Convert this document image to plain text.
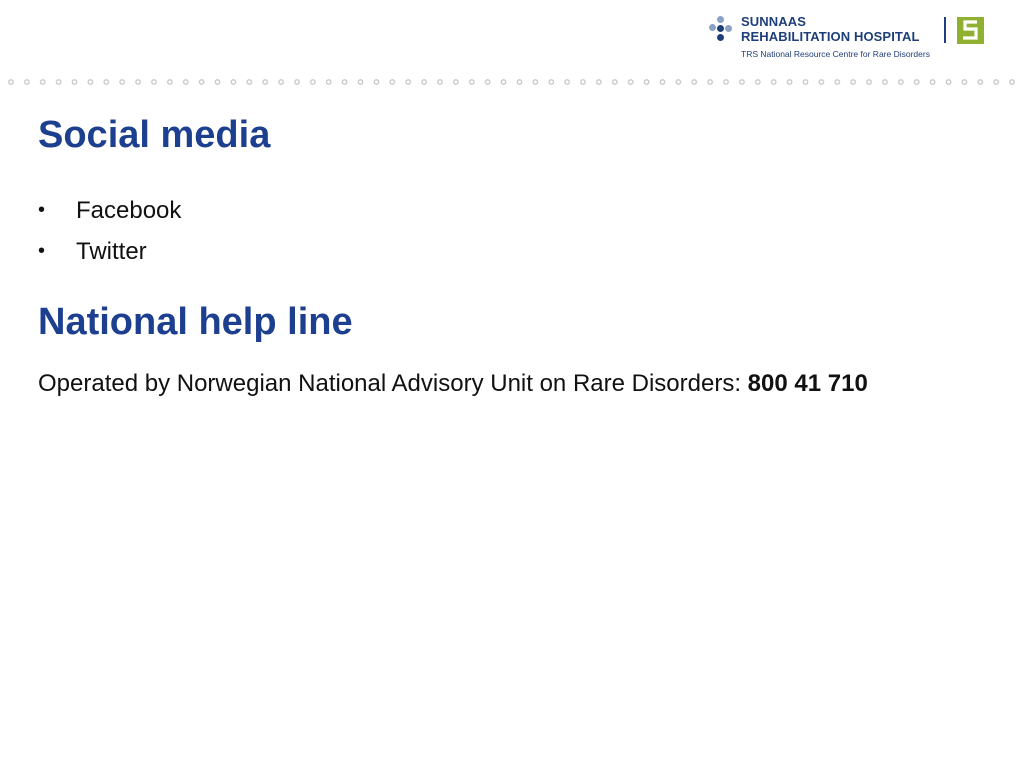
SUNNAAS
REHABILITATION HOSPITAL
TRS National Resource Centre for Rare Disorders
Social media
•	Facebook
•	Twitter
National help line

Operated by Norwegian National Advisory Unit on Rare Disorders: 800 41 710
